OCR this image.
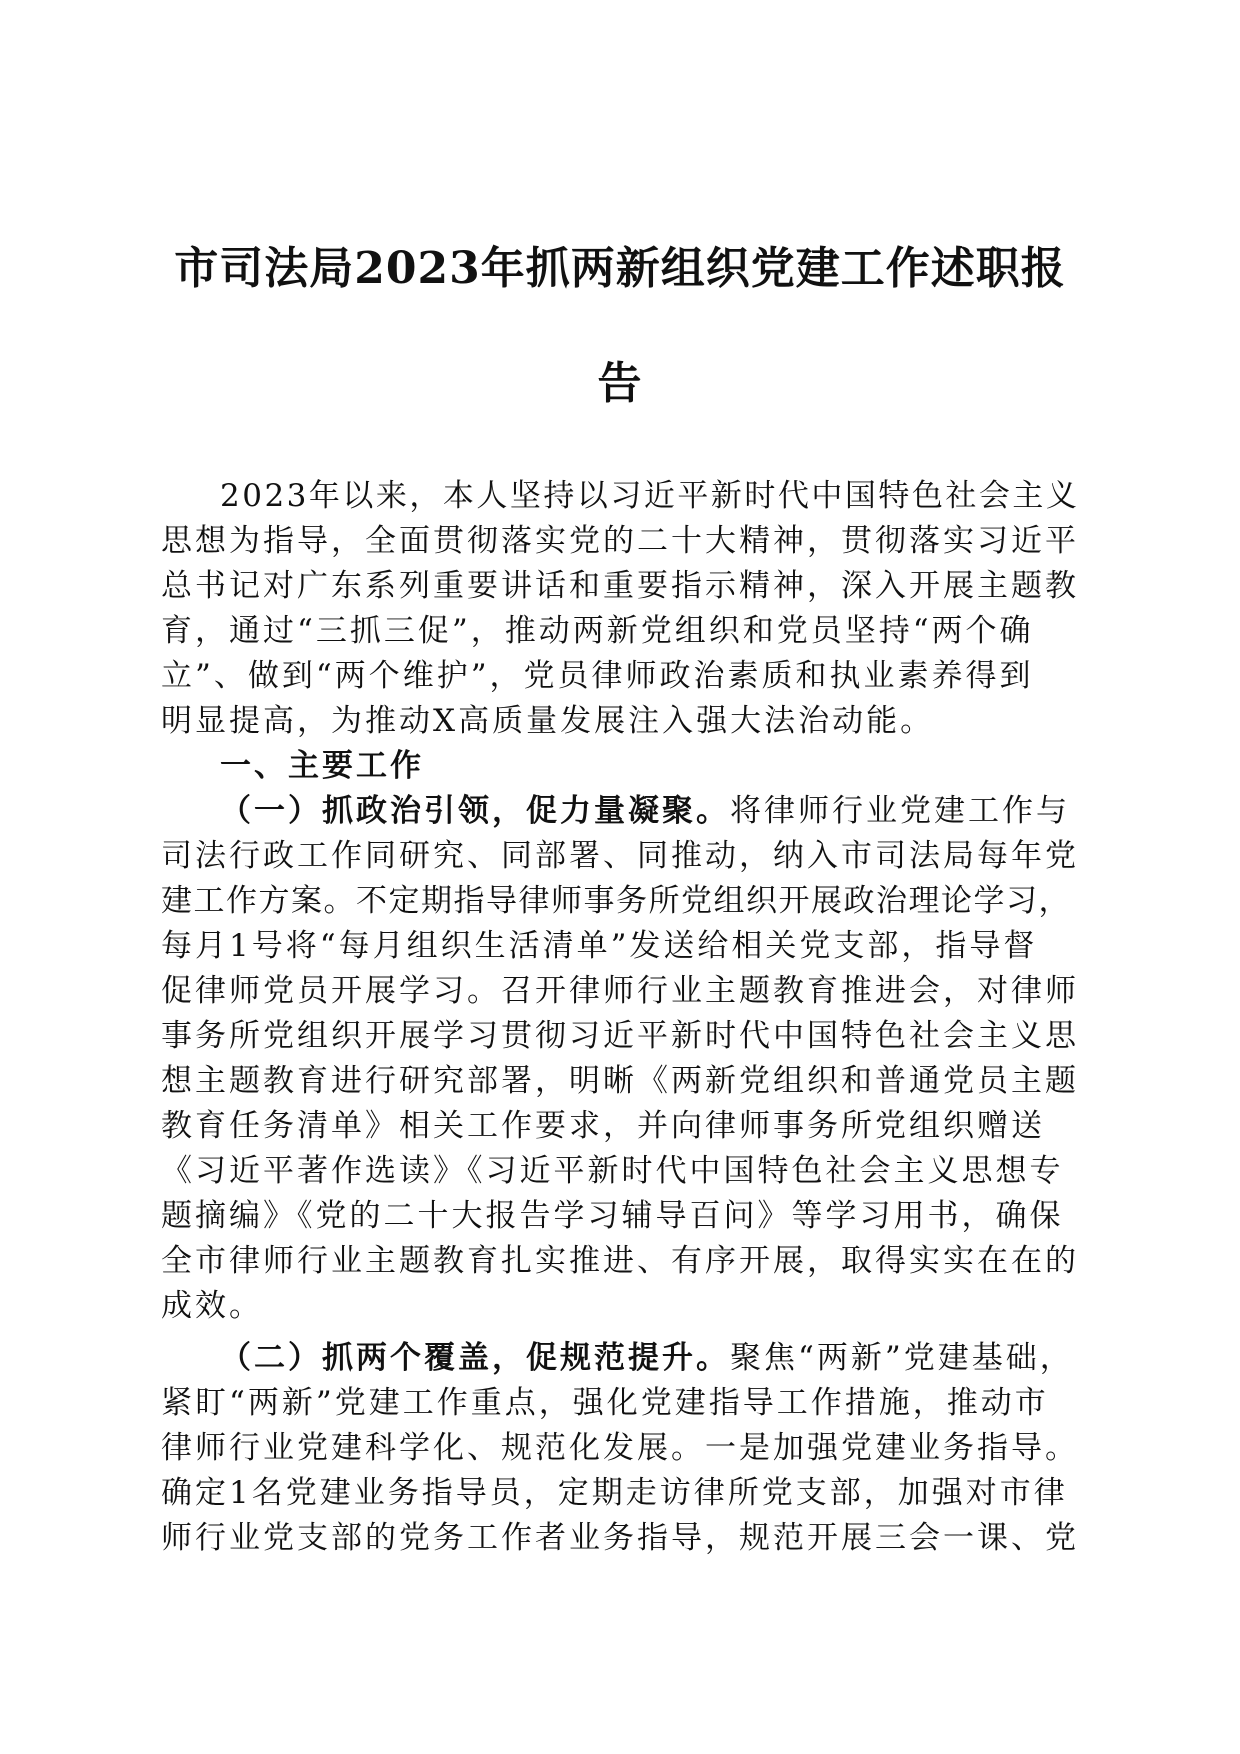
市司法局2023年抓两新组织党建工作述职报
告
2023年以来，本人坚持以习近平新时代中国特色社会主义
思想为指导，全面贯彻落实党的二十大精神，贯彻落实习近平
总书记对广东系列重要讲话和重要指示精神，深入开展主题教
育，通过“三抓三促”，推动两新党组织和党员坚持“两个确
立”、做到“两个维护”，党员律师政治素质和执业素养得到
明显提高，为推动X高质量发展注入强大法治动能。
一、主要工作
（一）抓政治引领，促力量凝聚。将律师行业党建工作与
司法行政工作同研究、同部署、同推动，纳入市司法局每年党
建工作方案。不定期指导律师事务所党组织开展政治理论学习，
每月1号将“每月组织生活清单”发送给相关党支部，指导督
促律师党员开展学习。召开律师行业主题教育推进会，对律师
事务所党组织开展学习贯彻习近平新时代中国特色社会主义思
想主题教育进行研究部署，明晰《两新党组织和普通党员主题
教育任务清单》相关工作要求，并向律师事务所党组织赠送
《习近平著作选读》《习近平新时代中国特色社会主义思想专
题摘编》《党的二十大报告学习辅导百问》等学习用书，确保
全市律师行业主题教育扎实推进、有序开展，取得实实在在的
成效。
（二）抓两个覆盖，促规范提升。聚焦“两新”党建基础，
紧盯“两新”党建工作重点，强化党建指导工作措施，推动市
律师行业党建科学化、规范化发展。一是加强党建业务指导。
确定1名党建业务指导员，定期走访律所党支部，加强对市律
师行业党支部的党务工作者业务指导，规范开展三会一课、党
